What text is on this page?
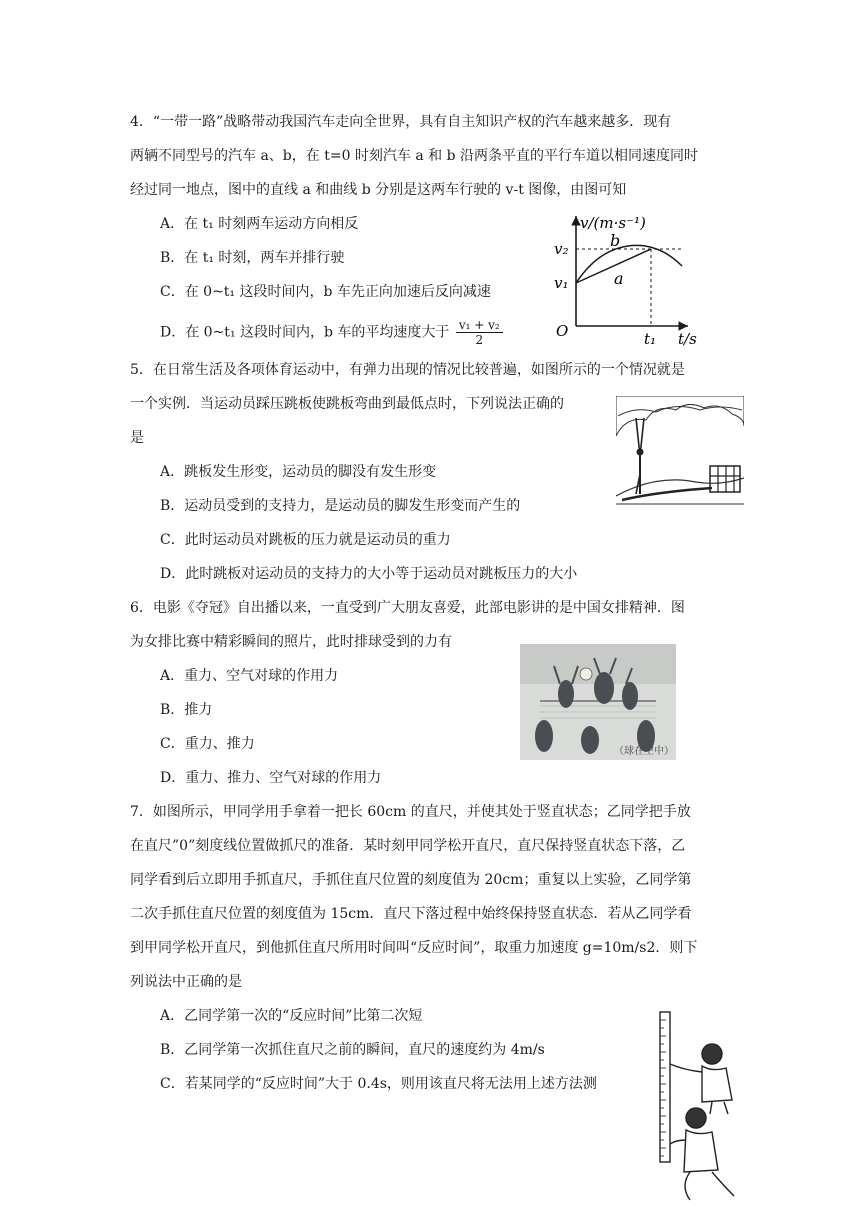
4．“一带一路”战略带动我国汽车走向全世界，具有自主知识产权的汽车越来越多．现有
两辆不同型号的汽车 a、b，在 t=0 时刻汽车 a 和 b 沿两条平直的平行车道以相同速度同时
经过同一地点，图中的直线 a 和曲线 b 分别是这两车行驶的 v-t 图像，由图可知
A．在 t₁ 时刻两车运动方向相反
B．在 t₁ 时刻，两车并排行驶
C．在 0~t₁ 这段时间内，b 车先正向加速后反向减速
D．在 0~t₁ 这段时间内，b 车的平均速度大于 $\frac{\text{v₁ + v₂}}{2}$
v/(m·s⁻¹)
O
v₂
v₁
t₁ t/s
a
b
5．在日常生活及各项体育运动中，有弹力出现的情况比较普遍，如图所示的一个情况就是
一个实例．当运动员踩压跳板使跳板弯曲到最低点时，下列说法正确的
是
A．跳板发生形变，运动员的脚没有发生形变
B．运动员受到的支持力，是运动员的脚发生形变而产生的
C．此时运动员对跳板的压力就是运动员的重力
D．此时跳板对运动员的支持力的大小等于运动员对跳板压力的大小
6．电影《夺冠》自出播以来，一直受到广大朋友喜爱，此部电影讲的是中国女排精神．图
为女排比赛中精彩瞬间的照片，此时排球受到的力有
A．重力、空气对球的作用力
B．推力
C．重力、推力
D．重力、推力、空气对球的作用力
（球在空中）
7．如图所示，甲同学用手拿着一把长 60cm 的直尺，并使其处于竖直状态；乙同学把手放
在直尺”0”刻度线位置做抓尺的准备．某时刻甲同学松开直尺，直尺保持竖直状态下落，乙
同学看到后立即用手抓直尺，手抓住直尺位置的刻度值为 20cm；重复以上实验，乙同学第
二次手抓住直尺位置的刻度值为 15cm．直尺下落过程中始终保持竖直状态．若从乙同学看
到甲同学松开直尺，到他抓住直尺所用时间叫“反应时间”，取重力加速度 g=10m/s2．则下
列说法中正确的是
A．乙同学第一次的“反应时间”比第二次短
B．乙同学第一次抓住直尺之前的瞬间，直尺的速度约为 4m/s
C．若某同学的“反应时间”大于 0.4s，则用该直尺将无法用上述方法测
